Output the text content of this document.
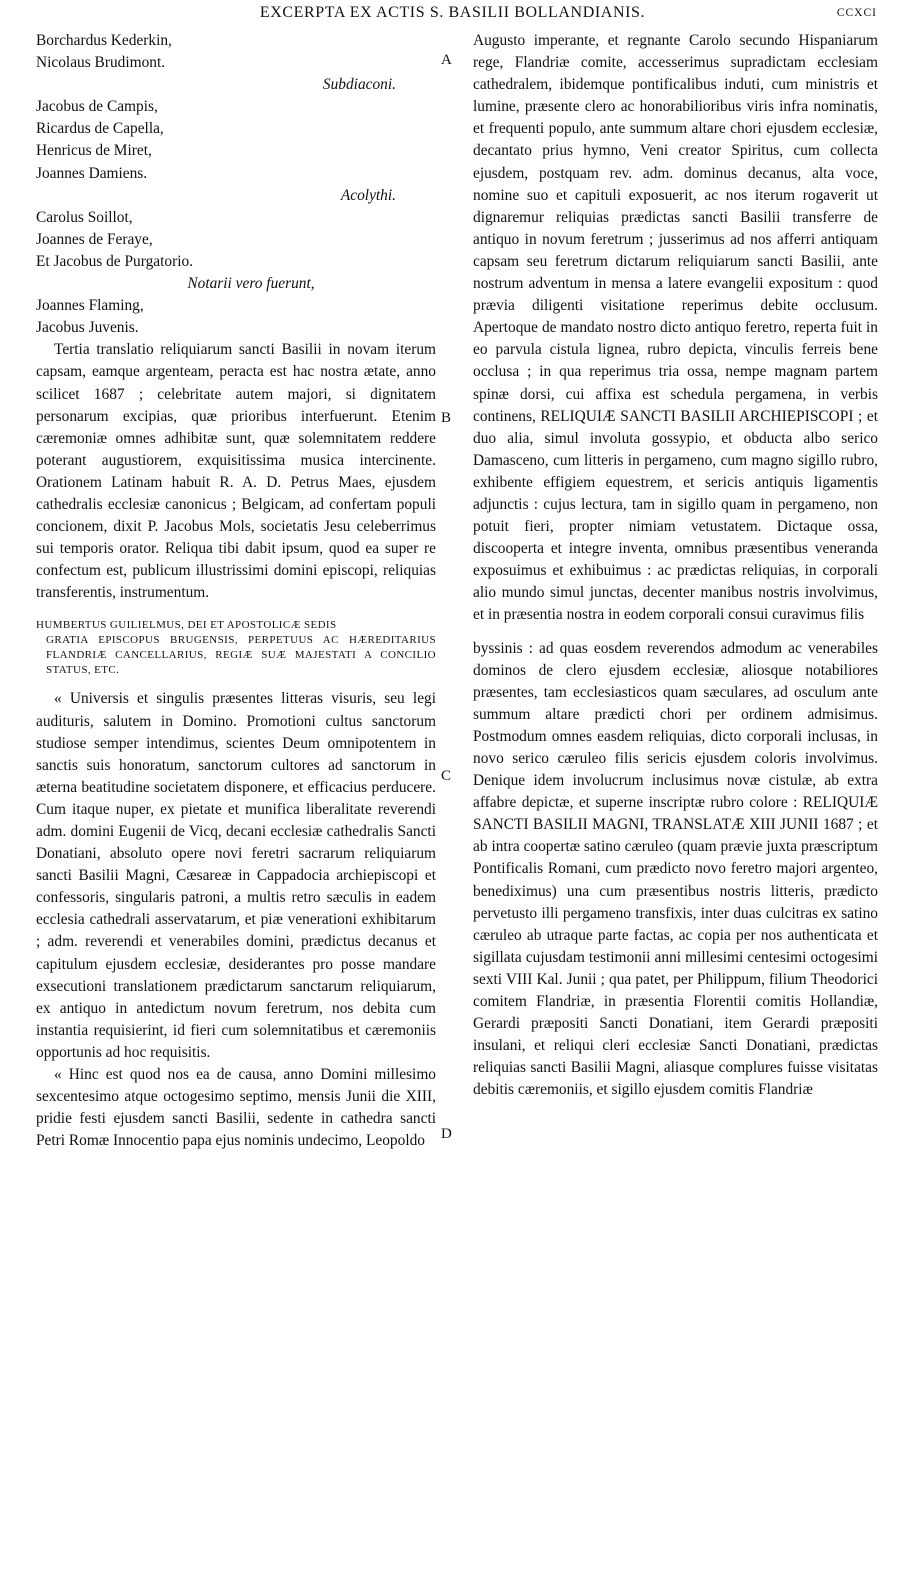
EXCERPTA EX ACTIS S. BASILII BOLLANDIANIS.	CCXCI
A
B
C
D
Borchardus Kederkin,
Nicolaus Brudimont.
Subdiaconi.
Jacobus de Campis,
Ricardus de Capella,
Henricus de Miret,
Joannes Damiens.
Acolythi.
Carolus Soillot,
Joannes de Feraye,
Et Jacobus de Purgatorio.
Notarii vero fuerunt,
Joannes Flaming,
Jacobus Juvenis.

Tertia translatio reliquiarum sancti Basilii in novam iterum capsam, eamque argenteam, peracta est hac nostra ætate, anno scilicet 1687 ; celebritate autem majori, si dignitatem personarum excipias, quæ prioribus interfuerunt. Etenim cæremoniæ omnes adhibitæ sunt, quæ solemnitatem reddere poterant augustiorem, exquisitissima musica intercinente. Orationem Latinam habuit R. A. D. Petrus Maes, ejusdem cathedralis ecclesiæ canonicus ; Belgicam, ad confertam populi concionem, dixit P. Jacobus Mols, societatis Jesu celeberrimus sui temporis orator. Reliqua tibi dabit ipsum, quod ea super re confectum est, publicum illustrissimi domini episcopi, reliquias transferentis, instrumentum.

HUMBERTUS GUILIELMUS, DEI ET APOSTOLICÆ SEDIS
GRATIA EPISCOPUS BRUGENSIS, PERPETUUS AC HÆREDITARIUS FLANDRIÆ CANCELLARIUS, REGIÆ SUÆ MAJESTATI A CONCILIO STATUS, ETC.

« Universis et singulis præsentes litteras visuris, seu legi audituris, salutem in Domino. Promotioni cultus sanctorum studiose semper intendimus, scientes Deum omnipotentem in sanctis suis honoratum, sanctorum cultores ad sanctorum in æterna beatitudine societatem disponere, et efficacius perducere. Cum itaque nuper, ex pietate et munifica liberalitate reverendi adm. domini Eugenii de Vicq, decani ecclesiæ cathedralis Sancti Donatiani, absoluto opere novi feretri sacrarum reliquiarum sancti Basilii Magni, Cæsareæ in Cappadocia archiepiscopi et confessoris, singularis patroni, a multis retro sæculis in eadem ecclesia cathedrali asservatarum, et piæ venerationi exhibitarum ; adm. reverendi et venerabiles domini, prædictus decanus et capitulum ejusdem ecclesiæ, desiderantes pro posse mandare exsecutioni translationem prædictarum sanctarum reliquiarum, ex antiquo in antedictum novum feretrum, nos debita cum instantia requisierint, id fieri cum solemnitatibus et cæremoniis opportunis ad hoc requisitis.

« Hinc est quod nos ea de causa, anno Domini millesimo sexcentesimo atque octogesimo septimo, mensis Junii die XIII, pridie festi ejusdem sancti Basilii, sedente in cathedra sancti Petri Romæ Innocentio papa ejus nominis undecimo, Leopoldo

Augusto imperante, et regnante Carolo secundo Hispaniarum rege, Flandriæ comite, accesserimus supradictam ecclesiam cathedralem, ibidemque pontificalibus induti, cum ministris et lumine, præsente clero ac honorabilioribus viris infra nominatis, et frequenti populo, ante summum altare chori ejusdem ecclesiæ, decantato prius hymno, Veni creator Spiritus, cum collecta ejusdem, postquam rev. adm. dominus decanus, alta voce, nomine suo et capituli exposuerit, ac nos iterum rogaverit ut dignaremur reliquias prædictas sancti Basilii transferre de antiquo in novum feretrum ; jusserimus ad nos afferri antiquam capsam seu feretrum dictarum reliquiarum sancti Basilii, ante nostrum adventum in mensa a latere evangelii expositum : quod prævia diligenti visitatione reperimus debite occlusum. Apertoque de mandato nostro dicto antiquo feretro, reperta fuit in eo parvula cistula lignea, rubro depicta, vinculis ferreis bene occlusa ; in qua reperimus tria ossa, nempe magnam partem spinæ dorsi, cui affixa est schedula pergamena, in verbis continens, RELIQUIÆ SANCTI BASILII ARCHIEPISCOPI ; et duo alia, simul involuta gossypio, et obducta albo serico Damasceno, cum litteris in pergameno, cum magno sigillo rubro, exhibente effigiem equestrem, et sericis antiquis ligamentis adjunctis : cujus lectura, tam in sigillo quam in pergameno, non potuit fieri, propter nimiam vetustatem. Dictaque ossa, discooperta et integre inventa, omnibus præsentibus veneranda exposuimus et exhibuimus : ac prædictas reliquias, in corporali alio mundo simul junctas, decenter manibus nostris involvimus, et in præsentia nostra in eodem corporali consui curavimus filis

byssinis : ad quas eosdem reverendos admodum ac venerabiles dominos de clero ejusdem ecclesiæ, aliosque notabiliores præsentes, tam ecclesiasticos quam sæculares, ad osculum ante summum altare prædicti chori per ordinem admisimus. Postmodum omnes easdem reliquias, dicto corporali inclusas, in novo serico cæruleo filis sericis ejusdem coloris involvimus. Denique idem involucrum inclusimus novæ cistulæ, ab extra affabre depictæ, et superne inscriptæ rubro colore : RELIQUIÆ SANCTI BASILII MAGNI, TRANSLATÆ XIII JUNII 1687 ; et ab intra coopertæ satino cæruleo (quam prævie juxta præscriptum Pontificalis Romani, cum prædicto novo feretro majori argenteo, benediximus) una cum præsentibus nostris litteris, prædicto pervetusto illi pergameno transfixis, inter duas culcitras ex satino cæruleo ab utraque parte factas, ac copia per nos authenticata et sigillata cujusdam testimonii anni millesimi centesimi octogesimi sexti VIII Kal. Junii ; qua patet, per Philippum, filium Theodorici comitem Flandriæ, in præsentia Florentii comitis Hollandiæ, Gerardi præpositi Sancti Donatiani, item Gerardi præpositi insulani, et reliqui cleri ecclesiæ Sancti Donatiani, prædictas reliquias sancti Basilii Magni, aliasque complures fuisse visitatas debitis cæremoniis, et sigillo ejusdem comitis Flandriæ
